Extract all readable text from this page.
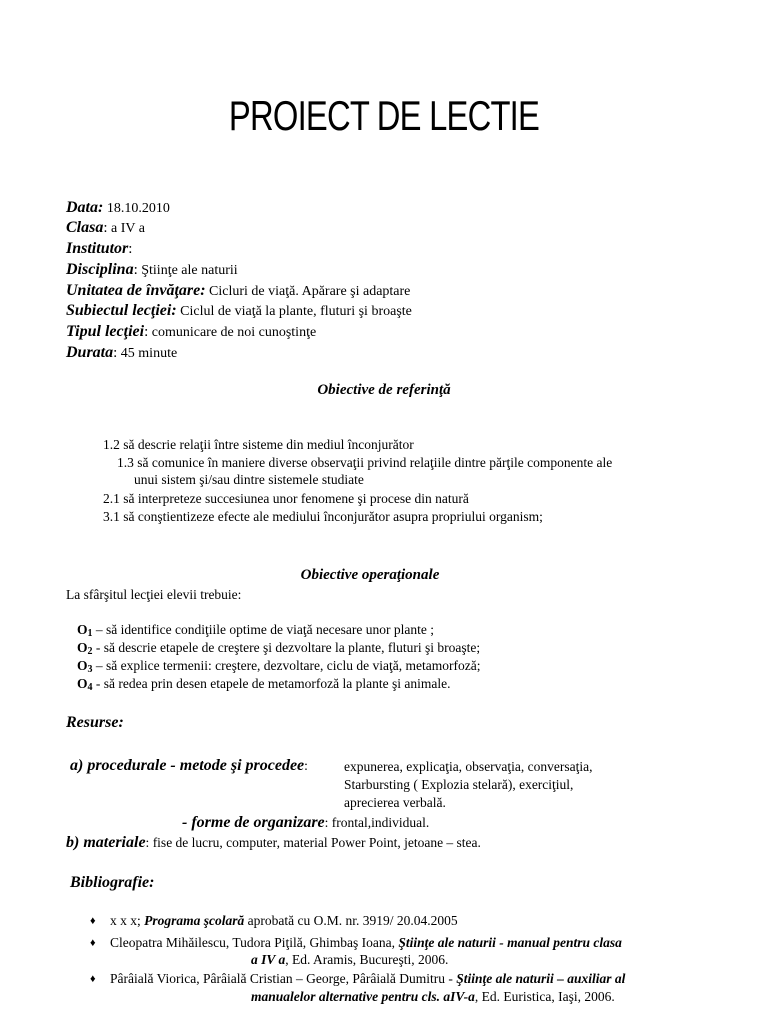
PROIECT DE LECTIE
Data: 18.10.2010
Clasa: a IV a
Institutor:
Disciplina: Ştiinţe ale naturii
Unitatea de învăţare: Cicluri de viaţă. Apărare şi adaptare
Subiectul lecţiei: Ciclul de viaţă la plante, fluturi şi broaşte
Tipul lecţiei: comunicare de noi cunoştinţe
Durata: 45 minute
Obiective de referinţă
1.2 să descrie relaţii între sisteme din mediul înconjurător
1.3 să comunice în maniere diverse observaţii privind relaţiile dintre părţile componente ale
unui sistem şi/sau dintre sistemele studiate
2.1 să interpreteze succesiunea unor fenomene şi procese din natură
3.1 să conştientizeze efecte ale mediului înconjurător asupra propriului organism;
Obiective operaţionale
La sfârşitul lecţiei elevii trebuie:
$O_1$ – să identifice condiţiile optime de viaţă necesare unor plante ;
$O_2$ - să descrie etapele de creştere şi dezvoltare la plante, fluturi şi broaşte;
$O_3$ – să explice termenii: creştere, dezvoltare, ciclu de viaţă, metamorfoză;
$O_4$ - să redea prin desen etapele de metamorfoză la plante şi animale.
Resurse:
a) procedurale - metode şi procedee:	expunerea, explicaţia, observaţia, conversaţia,
Starbursting ( Explozia stelară), exerciţiul,
aprecierea verbală.
- forme de organizare: frontal,individual.
b) materiale: fise de lucru, computer, material Power Point, jetoane – stea.
Bibliografie:
♦ x x x; Programa şcolară aprobată cu O.M. nr. 3919/ 20.04.2005
♦ Cleopatra Mihăilescu, Tudora Piţilă, Ghimbaş Ioana, Ştiinţe ale naturii - manual pentru clasa
a IV a, Ed. Aramis, Bucureşti, 2006.
♦ Pârâială Viorica, Pârâială Cristian – George, Pârâială Dumitru - Ştiinţe ale naturii – auxiliar al
manualelor alternative pentru cls. aIV-a, Ed. Euristica, Iaşi, 2006.
